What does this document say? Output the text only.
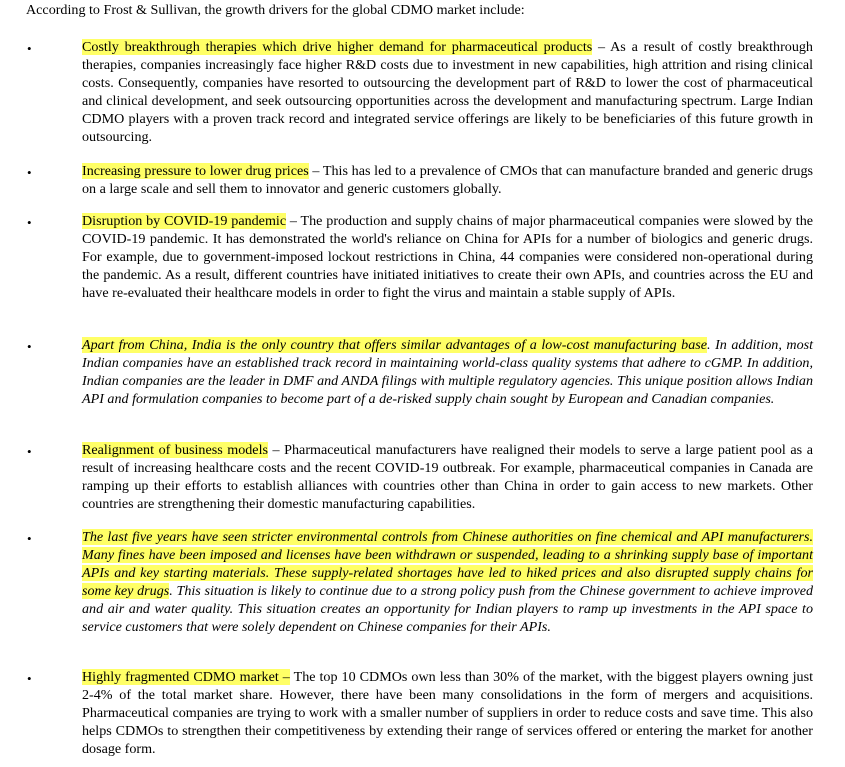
According to Frost & Sullivan, the growth drivers for the global CDMO market include:
•	Costly breakthrough therapies which drive higher demand for pharmaceutical products – As a result of costly breakthrough therapies, companies increasingly face higher R&D costs due to investment in new capabilities, high attrition and rising clinical costs. Consequently, companies have resorted to outsourcing the development part of R&D to lower the cost of pharmaceutical and clinical development, and seek outsourcing opportunities across the development and manufacturing spectrum. Large Indian CDMO players with a proven track record and integrated service offerings are likely to be beneficiaries of this future growth in outsourcing.
•	Increasing pressure to lower drug prices – This has led to a prevalence of CMOs that can manufacture branded and generic drugs on a large scale and sell them to innovator and generic customers globally.
•	Disruption by COVID-19 pandemic – The production and supply chains of major pharmaceutical companies were slowed by the COVID-19 pandemic. It has demonstrated the world's reliance on China for APIs for a number of biologics and generic drugs. For example, due to government-imposed lockout restrictions in China, 44 companies were considered non-operational during the pandemic. As a result, different countries have initiated initiatives to create their own APIs, and countries across the EU and have re-evaluated their healthcare models in order to fight the virus and maintain a stable supply of APIs.
•	Apart from China, India is the only country that offers similar advantages of a low-cost manufacturing base. In addition, most Indian companies have an established track record in maintaining world-class quality systems that adhere to cGMP. In addition, Indian companies are the leader in DMF and ANDA filings with multiple regulatory agencies. This unique position allows Indian API and formulation companies to become part of a de-risked supply chain sought by European and Canadian companies.
•	Realignment of business models – Pharmaceutical manufacturers have realigned their models to serve a large patient pool as a result of increasing healthcare costs and the recent COVID-19 outbreak. For example, pharmaceutical companies in Canada are ramping up their efforts to establish alliances with countries other than China in order to gain access to new markets. Other countries are strengthening their domestic manufacturing capabilities.
•	The last five years have seen stricter environmental controls from Chinese authorities on fine chemical and API manufacturers. Many fines have been imposed and licenses have been withdrawn or suspended, leading to a shrinking supply base of important APIs and key starting materials. These supply-related shortages have led to hiked prices and also disrupted supply chains for some key drugs. This situation is likely to continue due to a strong policy push from the Chinese government to achieve improved and air and water quality. This situation creates an opportunity for Indian players to ramp up investments in the API space to service customers that were solely dependent on Chinese companies for their APIs.
•	Highly fragmented CDMO market – The top 10 CDMOs own less than 30% of the market, with the biggest players owning just 2-4% of the total market share. However, there have been many consolidations in the form of mergers and acquisitions. Pharmaceutical companies are trying to work with a smaller number of suppliers in order to reduce costs and save time. This also helps CDMOs to strengthen their competitiveness by extending their range of services offered or entering the market for another dosage form.
